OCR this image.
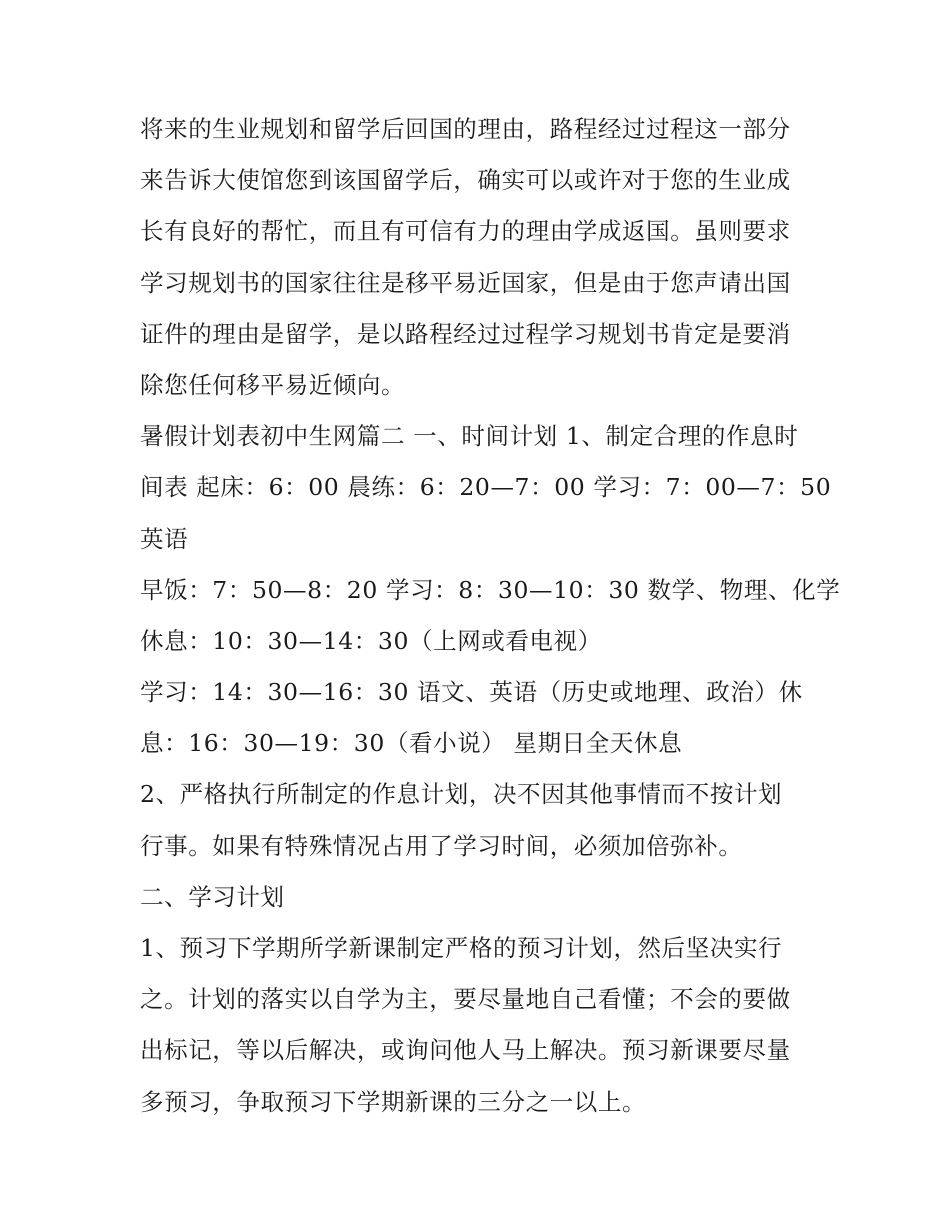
将来的生业规划和留学后回国的理由，路程经过过程这一部分
来告诉大使馆您到该国留学后，确实可以或许对于您的生业成
长有良好的帮忙，而且有可信有力的理由学成返国。虽则要求
学习规划书的国家往往是移平易近国家，但是由于您声请出国
证件的理由是留学，是以路程经过过程学习规划书肯定是要消
除您任何移平易近倾向。
暑假计划表初中生网篇二 一、时间计划 1、制定合理的作息时
间表 起床：6：00 晨练：6：20—7：00 学习：7：00—7：50
英语
早饭：7：50—8：20 学习：8：30—10：30 数学、物理、化学
休息：10：30—14：30（上网或看电视）
学习：14：30—16：30 语文、英语（历史或地理、政治）休
息：16：30—19：30（看小说） 星期日全天休息
2、严格执行所制定的作息计划，决不因其他事情而不按计划
行事。如果有特殊情况占用了学习时间，必须加倍弥补。
二、学习计划
1、预习下学期所学新课制定严格的预习计划，然后坚决实行
之。计划的落实以自学为主，要尽量地自己看懂；不会的要做
出标记，等以后解决，或询问他人马上解决。预习新课要尽量
多预习，争取预习下学期新课的三分之一以上。
